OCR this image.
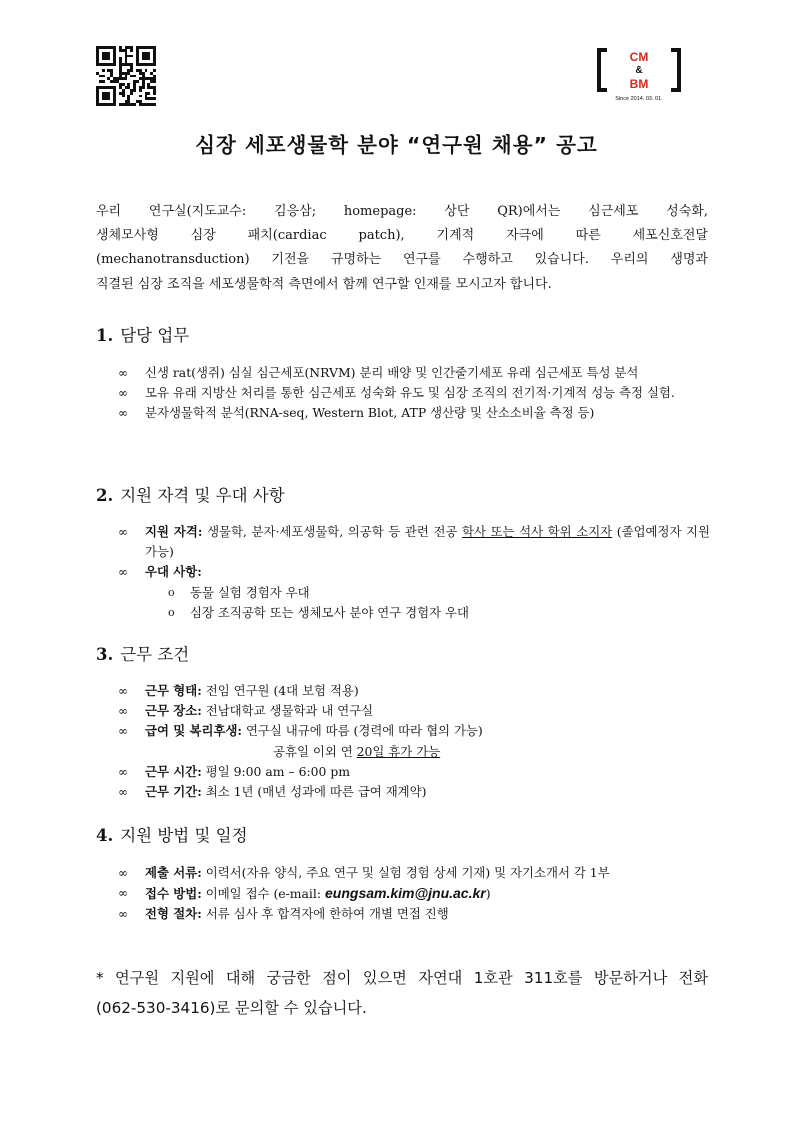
CM
&
BM
Since 2014. 03. 01.
심장 세포생물학 분야 “연구원 채용” 공고
우리 연구실(지도교수: 김응삼; homepage: 상단 QR)에서는 심근세포 성숙화,
생체모사형 심장 패치(cardiac patch), 기계적 자극에 따른 세포신호전달
(mechanotransduction) 기전을 규명하는 연구를 수행하고 있습니다. 우리의 생명과
직결된 심장 조직을 세포생물학적 측면에서 함께 연구할 인재를 모시고자 합니다.
1. 담당 업무
∞ 신생 rat(생쥐) 심실 심근세포(NRVM) 분리 배양 및 인간줄기세포 유래 심근세포 특성 분석
∞ 모유 유래 지방산 처리를 통한 심근세포 성숙화 유도 및 심장 조직의 전기적·기계적 성능 측정 실험.
∞ 분자생물학적 분석(RNA-seq, Western Blot, ATP 생산량 및 산소소비율 측정 등)
2. 지원 자격 및 우대 사항
∞ 지원 자격: 생물학, 분자·세포생물학, 의공학 등 관련 전공 학사 또는 석사 학위 소지자 (졸업예정자 지원 가능)
∞ 우대 사항:
o 동물 실험 경험자 우대
o 심장 조직공학 또는 생체모사 분야 연구 경험자 우대
3. 근무 조건
∞ 근무 형태: 전임 연구원 (4대 보험 적용)
∞ 근무 장소: 전남대학교 생물학과 내 연구실
∞ 급여 및 복리후생: 연구실 내규에 따름 (경력에 따라 협의 가능)
공휴일 이외 연 20일 휴가 가능
∞ 근무 시간: 평일 9:00 am – 6:00 pm
∞ 근무 기간: 최소 1년 (매년 성과에 따른 급여 재계약)
4. 지원 방법 및 일정
∞ 제출 서류: 이력서(자유 양식, 주요 연구 및 실험 경험 상세 기재) 및 자기소개서 각 1부
∞ 접수 방법: 이메일 접수 (e-mail: eungsam.kim@jnu.ac.kr)
∞ 전형 절차: 서류 심사 후 합격자에 한하여 개별 면접 진행
* 연구원 지원에 대해 궁금한 점이 있으면 자연대 1호관 311호를 방문하거나 전화
(062-530-3416)로 문의할 수 있습니다.
